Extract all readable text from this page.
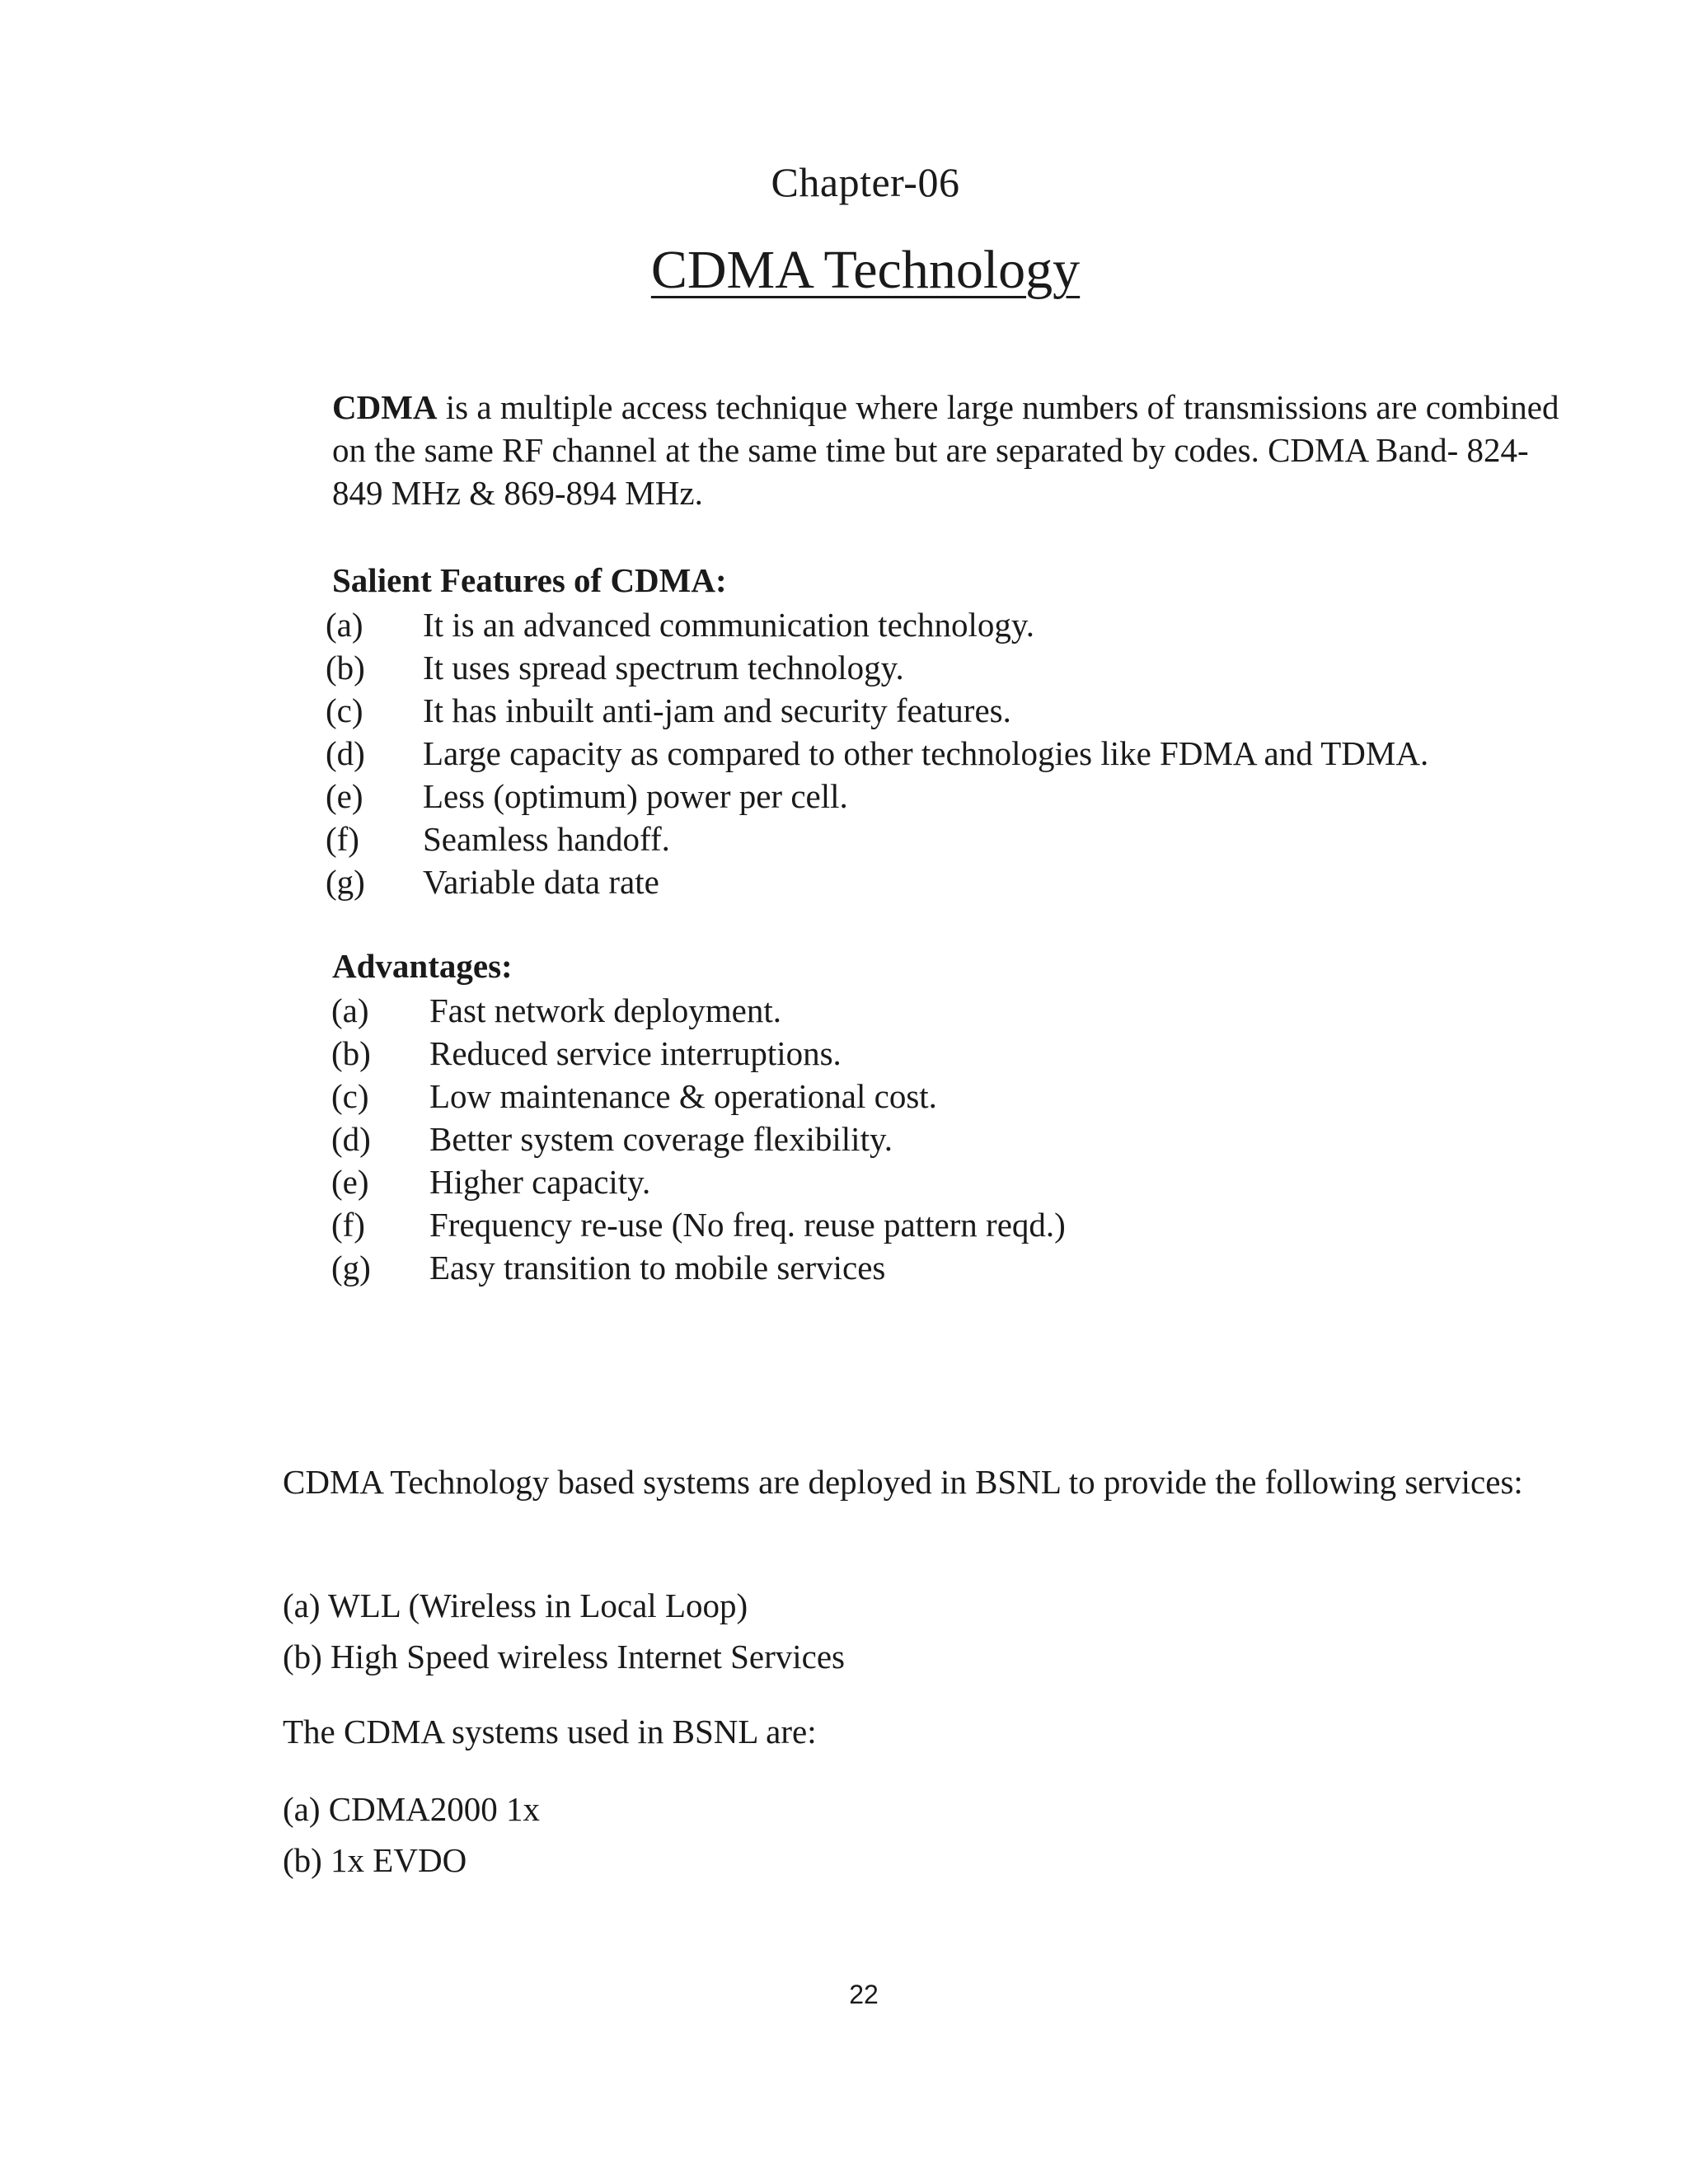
Chapter-06
CDMA Technology

CDMA is a multiple access technique where large numbers of transmissions are combined on the same RF channel at the same time but are separated by codes. CDMA Band- 824-849 MHz & 869-894 MHz.

Salient Features of CDMA:
(a) It is an advanced communication technology.
(b) It uses spread spectrum technology.
(c) It has inbuilt anti-jam and security features.
(d) Large capacity as compared to other technologies like FDMA and TDMA.
(e) Less (optimum) power per cell.
(f) Seamless handoff.
(g) Variable data rate
Advantages:
(a) Fast network deployment.
(b) Reduced service interruptions.
(c) Low maintenance & operational cost.
(d) Better system coverage flexibility.
(e) Higher capacity.
(f) Frequency re-use (No freq. reuse pattern reqd.)
(g) Easy transition to mobile services

CDMA Technology based systems are deployed in BSNL to provide the following services:

(a) WLL (Wireless in Local Loop)
(b) High Speed wireless Internet Services

The CDMA systems used in BSNL are:

(a) CDMA2000 1x
(b) 1x EVDO
22
